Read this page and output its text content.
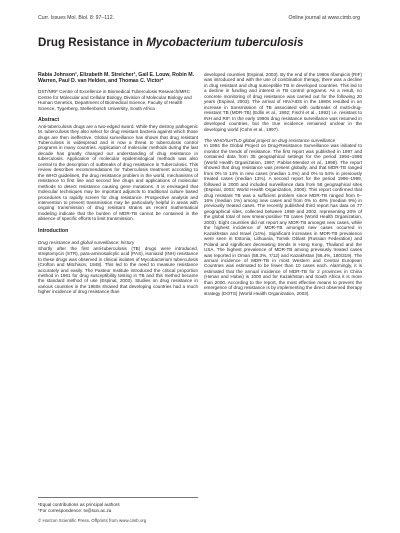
Curr. Issues Mol. Biol. 8: 97–112.	Online journal at www.cimb.org
Drug Resistance in Mycobacterium tuberculosis

Rabia Johnson¹, Elizabeth M. Streicher¹, Gail E. Louw, Robin M. Warren, Paul D. van Helden, and Thomas C. Victor*

DST/NRF Centre of Excellence in Biomedical Tuberculosis Research/MRC Centre for Molecular and Cellular Biology, Division of Molecular Biology and Human Genetics, Department of Biomedical Science, Faculty of Health Science, Tygerberg, Stellenbosch University, South Africa

Abstract

Anti-tuberculosis drugs are a two-edged sword. While they destroy pathogenic M. tuberculosis they also select for drug resistant bacteria against which those drugs are then ineffective. Global surveillance has shown that drug resistant Tuberculosis is widespread and is now a threat to tuberculosis control programs in many countries. Application of molecular methods during the last decade has greatly changed our understanding of drug resistance in tuberculosis. Application of molecular epidemiological methods was also central to the description of outbreaks of drug resistance in Tuberculosis. This review describes recommendations for Tuberculosis treatment according to the WHO guidelines, the drug resistance problem in the world, mechanisms of resistance to first line and second line drugs and applications of molecular methods to detect resistance causing gene mutations. It is envisaged that molecular techniques may be important adjuncts to traditional culture based procedures to rapidly screen for drug resistance. Prospective analysis and intervention to prevent transmission may be particularly helpful in areas with ongoing transmission of drug resistant strains as recent mathematical modeling indicate that the burden of MDR-TB cannot be contained in the absence of specific efforts to limit transmission.

Introduction
Drug resistance and global surveillance: history

Shortly after the first anti-tuberculosis (TB) drugs were introduced, streptomycin (STR), para-aminosalicylic acid (PAS), isoniazid (INH) resistance to these drugs was observed in clinical isolates of Mycobacterium tuberculosis (Crofton and Mitchison, 1948). This led to the need to measure resistance accurately and easily. The Pasteur Institute introduced the critical proportion method in 1961 for drug susceptibility testing in TB and this method became the standard method of use (Espinal, 2003). Studies on drug resistance in various countries in the 1960s showed that developing countries had a much higher incidence of drug resistance than

¹Equal contributions as principal authors

*For correspondence: tv@sun.ac.za

developed countries (Espinal, 2003). By the end of the 1960s rifampicin (RIF) was introduced and with the use of combination therapy, there was a decline in drug resistant and drug susceptible TB in developed countries. This led to a decline in funding and interest in TB control programs. As a result, no concrete monitoring of drug resistance was carried out for the following 20 years (Espinal, 2003). The arrival of HIV/AIDS in the 1980s resulted in an increase in transmission of TB associated with outbreaks of multi-drug-resistant TB (MDR-TB) (Edlin et al., 1992; Fischl et al., 1992) i.e. resistant to INH and RIF. In the early 1990s drug resistance surveillance was resumed in developed countries, but the true incidence remained unclear in the developing world (Cohn et al., 1997).

The WHO/IUATLD global project on drug-resistance surveillance

In 1994 the Global Project on Drug-Resistance Surveillance was initiated to monitor the trends of resistance. The first report was published in 1997 and contained data from 35 geographical settings for the period 1994–1996 (World Health Organization, 1997; Pablos-Mendez et al., 1998). The report showed that drug resistance was present globally, and that MDR-TB ranged from 0% to 14% in new cases (median 1.4%) and 0% to 54% in previously treated cases (median 13%). A second report for the period 1996–1999, followed in 2000 and included surveillance data from 58 geographical sites (Espinal, 2003; World Health Organization, 2000). This report confirmed that drug resistant TB was a sufficient problem since MDR-TB ranged from 0–16% (median 1%) among new cases and from 0% to 48% (median 9%) in previously treated cases. The recently published third report has data on 77 geographical sites, collected between 1999 and 2002, representing 20% of the global total of new smear-positive TB cases (World Health Organization, 2003). Eight countries did not report any MDR-TB amongst new cases, while the highest incidence of MDR-TB amongst new cases occurred in Kazakhstan and Israel (14%). Significant increases in MDR-TB prevalence were seen in Estonia, Lithuania, Tomsk Oblast (Russian Federation) and Poland and significant decreasing trends in Hong Kong, Thailand and the USA. The highest prevalence of MDR-TB among previously treated cases was reported in Oman (58.3%, 7/12) and Kazakhstan (56.4%, 180/319). The annual incidence of MDR-TB in most Western and Central European Countries was estimated to be fewer than 10 cases each. Alarmingly, it is estimated that the annual incidence of MDR-TB for 2 provinces in China (Henan and Hubei) is 1000 and for Kazakhstan and South Africa it is more than 2000. According to the report, the most effective means to prevent the emergence of drug resistance is by implementing the direct observed therapy strategy (DOTS) (World Health Organization, 2003).

© Horizon Scientific Press. Offprints from www.cimb.org
